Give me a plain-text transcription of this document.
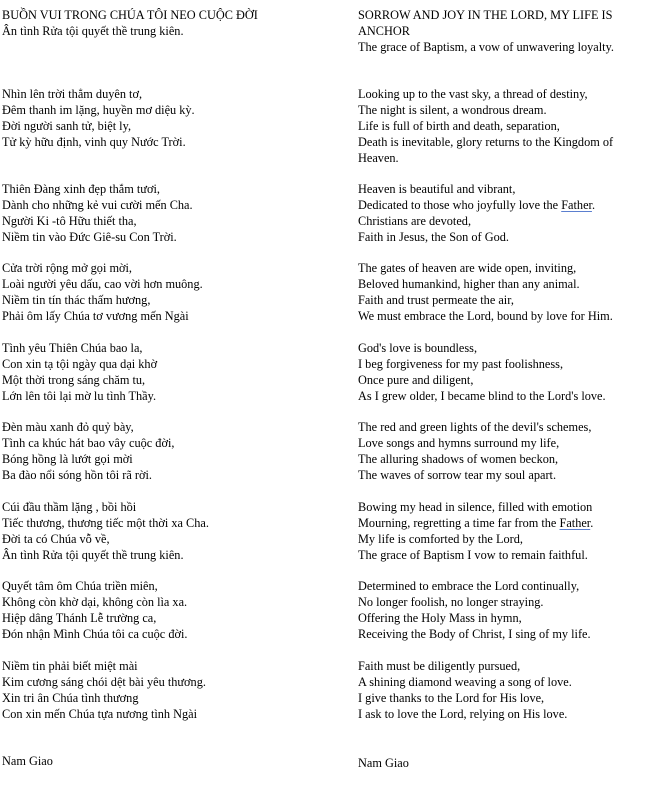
BUỒN VUI TRONG CHÚA TÔI NEO CUỘC ĐỜI
Ân tình Rửa tội quyết thề trung kiên.
Nhìn lên trời thẳm duyên tơ,
Đêm thanh im lặng, huyền mơ diệu kỳ.
Đời người sanh tử, biệt ly,
Tử kỳ hữu định, vinh quy Nước Trời.
Thiên Đàng xinh đẹp thắm tươi,
Dành cho những kẻ vui cười mến Cha.
Người Ki -tô Hữu thiết tha,
Niềm tin vào Đức Giê-su Con Trời.
Cửa trời rộng mở gọi mời,
Loài người yêu dấu, cao vời hơn muông.
Niềm tin tín thác thấm hương,
Phải ôm lấy Chúa tơ vương mến Ngài
Tình yêu Thiên Chúa bao la,
Con xin tạ tội ngày qua dại khờ
Một thời trong sáng chăm tu,
Lớn lên tôi lại mờ lu tình Thầy.
Đèn màu xanh đỏ quỷ bày,
Tình ca khúc hát bao vây cuộc đời,
Bóng hồng là lướt gọi mời
Ba đào nổi sóng hồn tôi rã rời.
Cúi đầu thầm lặng , bồi hồi
Tiếc thương, thương tiếc một thời xa Cha.
Đời ta có Chúa vỗ về,
Ân tình Rửa tội quyết thề trung kiên.
Quyết tâm ôm Chúa triền miên,
Không còn khờ dại, không còn lìa xa.
Hiệp dâng Thánh Lễ trường ca,
Đón nhận Mình Chúa tôi ca cuộc đời.
Niềm tin phải biết miệt mài
Kim cương sáng chói dệt bài yêu thương.
Xin tri ân Chúa tình thương
Con xin mến Chúa tựa nương tình Ngài
Nam Giao
SORROW AND JOY IN THE LORD, MY LIFE IS
ANCHOR
The grace of Baptism, a vow of unwavering loyalty.
Looking up to the vast sky, a thread of destiny,
The night is silent, a wondrous dream.
Life is full of birth and death, separation,
Death is inevitable, glory returns to the Kingdom of
Heaven.
Heaven is beautiful and vibrant,
Dedicated to those who joyfully love the Father.
Christians are devoted,
Faith in Jesus, the Son of God.
The gates of heaven are wide open, inviting,
Beloved humankind, higher than any animal.
Faith and trust permeate the air,
We must embrace the Lord, bound by love for Him.
God's love is boundless,
I beg forgiveness for my past foolishness,
Once pure and diligent,
As I grew older, I became blind to the Lord's love.
The red and green lights of the devil's schemes,
Love songs and hymns surround my life,
The alluring shadows of women beckon,
The waves of sorrow tear my soul apart.
Bowing my head in silence, filled with emotion
Mourning, regretting a time far from the Father.
My life is comforted by the Lord,
The grace of Baptism I vow to remain faithful.
Determined to embrace the Lord continually,
No longer foolish, no longer straying.
Offering the Holy Mass in hymn,
Receiving the Body of Christ, I sing of my life.
Faith must be diligently pursued,
A shining diamond weaving a song of love.
I give thanks to the Lord for His love,
I ask to love the Lord, relying on His love.
Nam Giao
